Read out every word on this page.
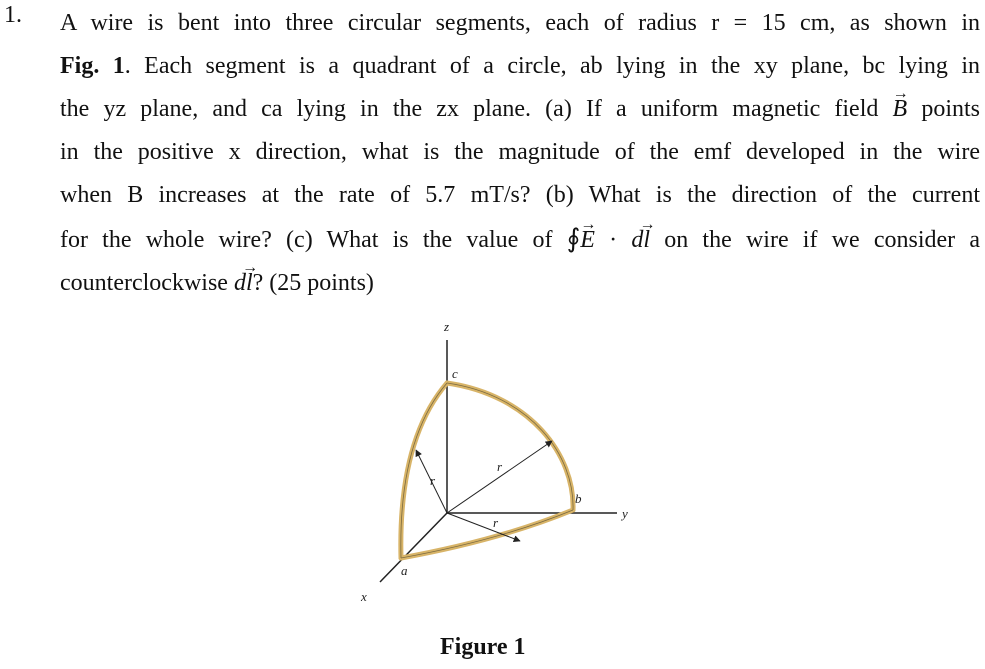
1. A wire is bent into three circular segments, each of radius r = 15 cm, as shown in
Fig. 1. Each segment is a quadrant of a circle, ab lying in the xy plane, bc lying in
the yz plane, and ca lying in the zx plane. (a) If a uniform magnetic field B → points
in the positive x direction, what is the magnitude of the emf developed in the wire
when B increases at the rate of 5.7 mT/s? (b) What is the direction of the current
for the whole wire? (c) What is the value of ∮E → · dl → on the wire if we consider a
counterclockwise dl →? (25 points)
z
y
x
a
b
c
r
r
r
Figure 1
